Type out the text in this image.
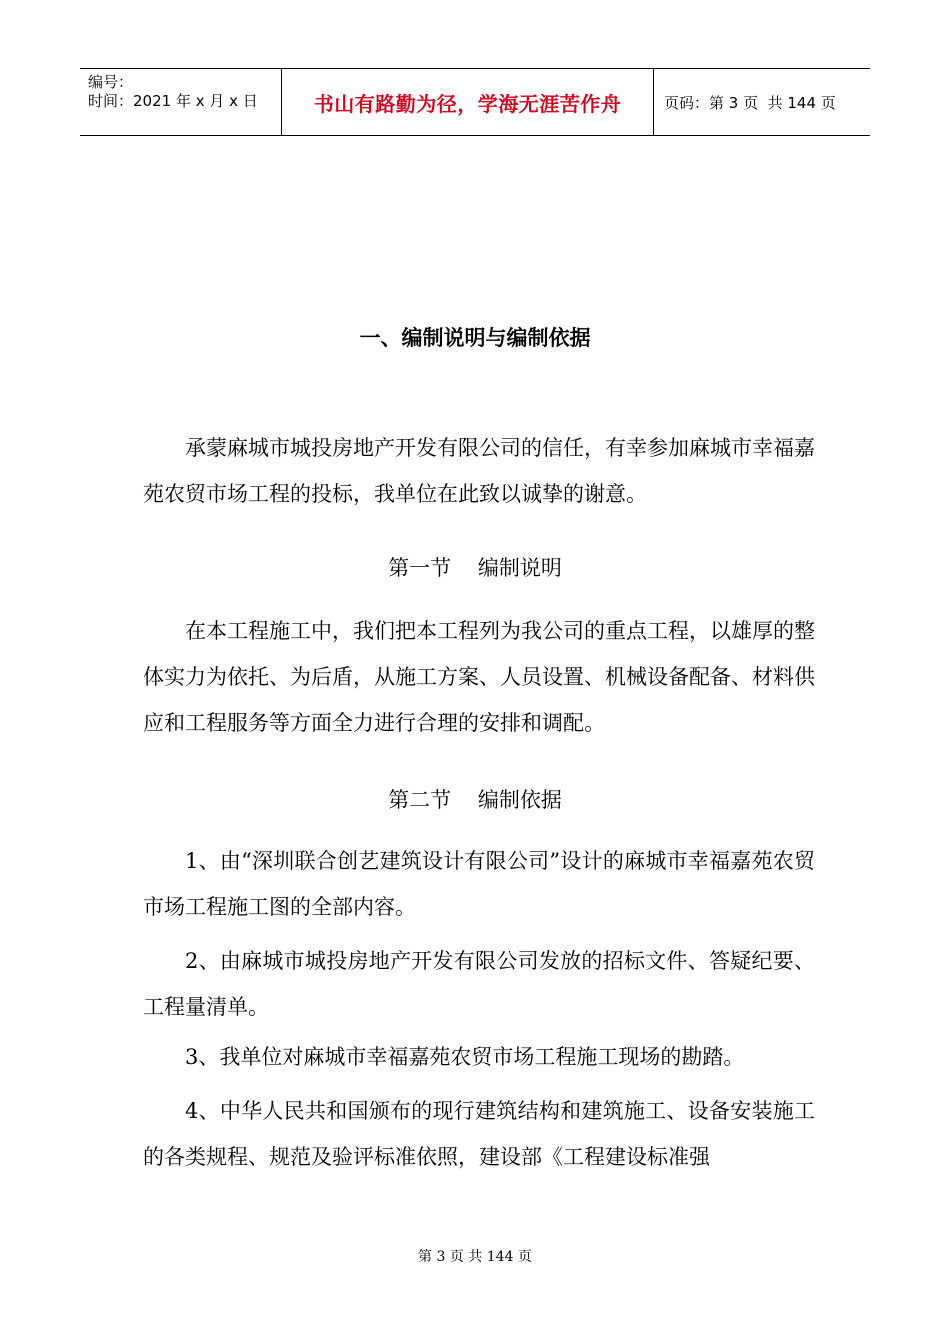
编号：
时间：2021 年 x 月 x 日	书山有路勤为径，学海无涯苦作舟	页码：第 3 页  共 144 页
一、编制说明与编制依据

承蒙麻城市城投房地产开发有限公司的信任，有幸参加麻城市幸福嘉苑农贸市场工程的投标，我单位在此致以诚挚的谢意。

第一节    编制说明

在本工程施工中，我们把本工程列为我公司的重点工程，以雄厚的整体实力为依托、为后盾，从施工方案、人员设置、机械设备配备、材料供应和工程服务等方面全力进行合理的安排和调配。

第二节    编制依据

1、由“深圳联合创艺建筑设计有限公司”设计的麻城市幸福嘉苑农贸市场工程施工图的全部内容。

2、由麻城市城投房地产开发有限公司发放的招标文件、答疑纪要、工程量清单。

3、我单位对麻城市幸福嘉苑农贸市场工程施工现场的勘踏。

4、中华人民共和国颁布的现行建筑结构和建筑施工、设备安装施工的各类规程、规范及验评标准依照，建设部《工程建设标准强

第 3 页 共 144 页
